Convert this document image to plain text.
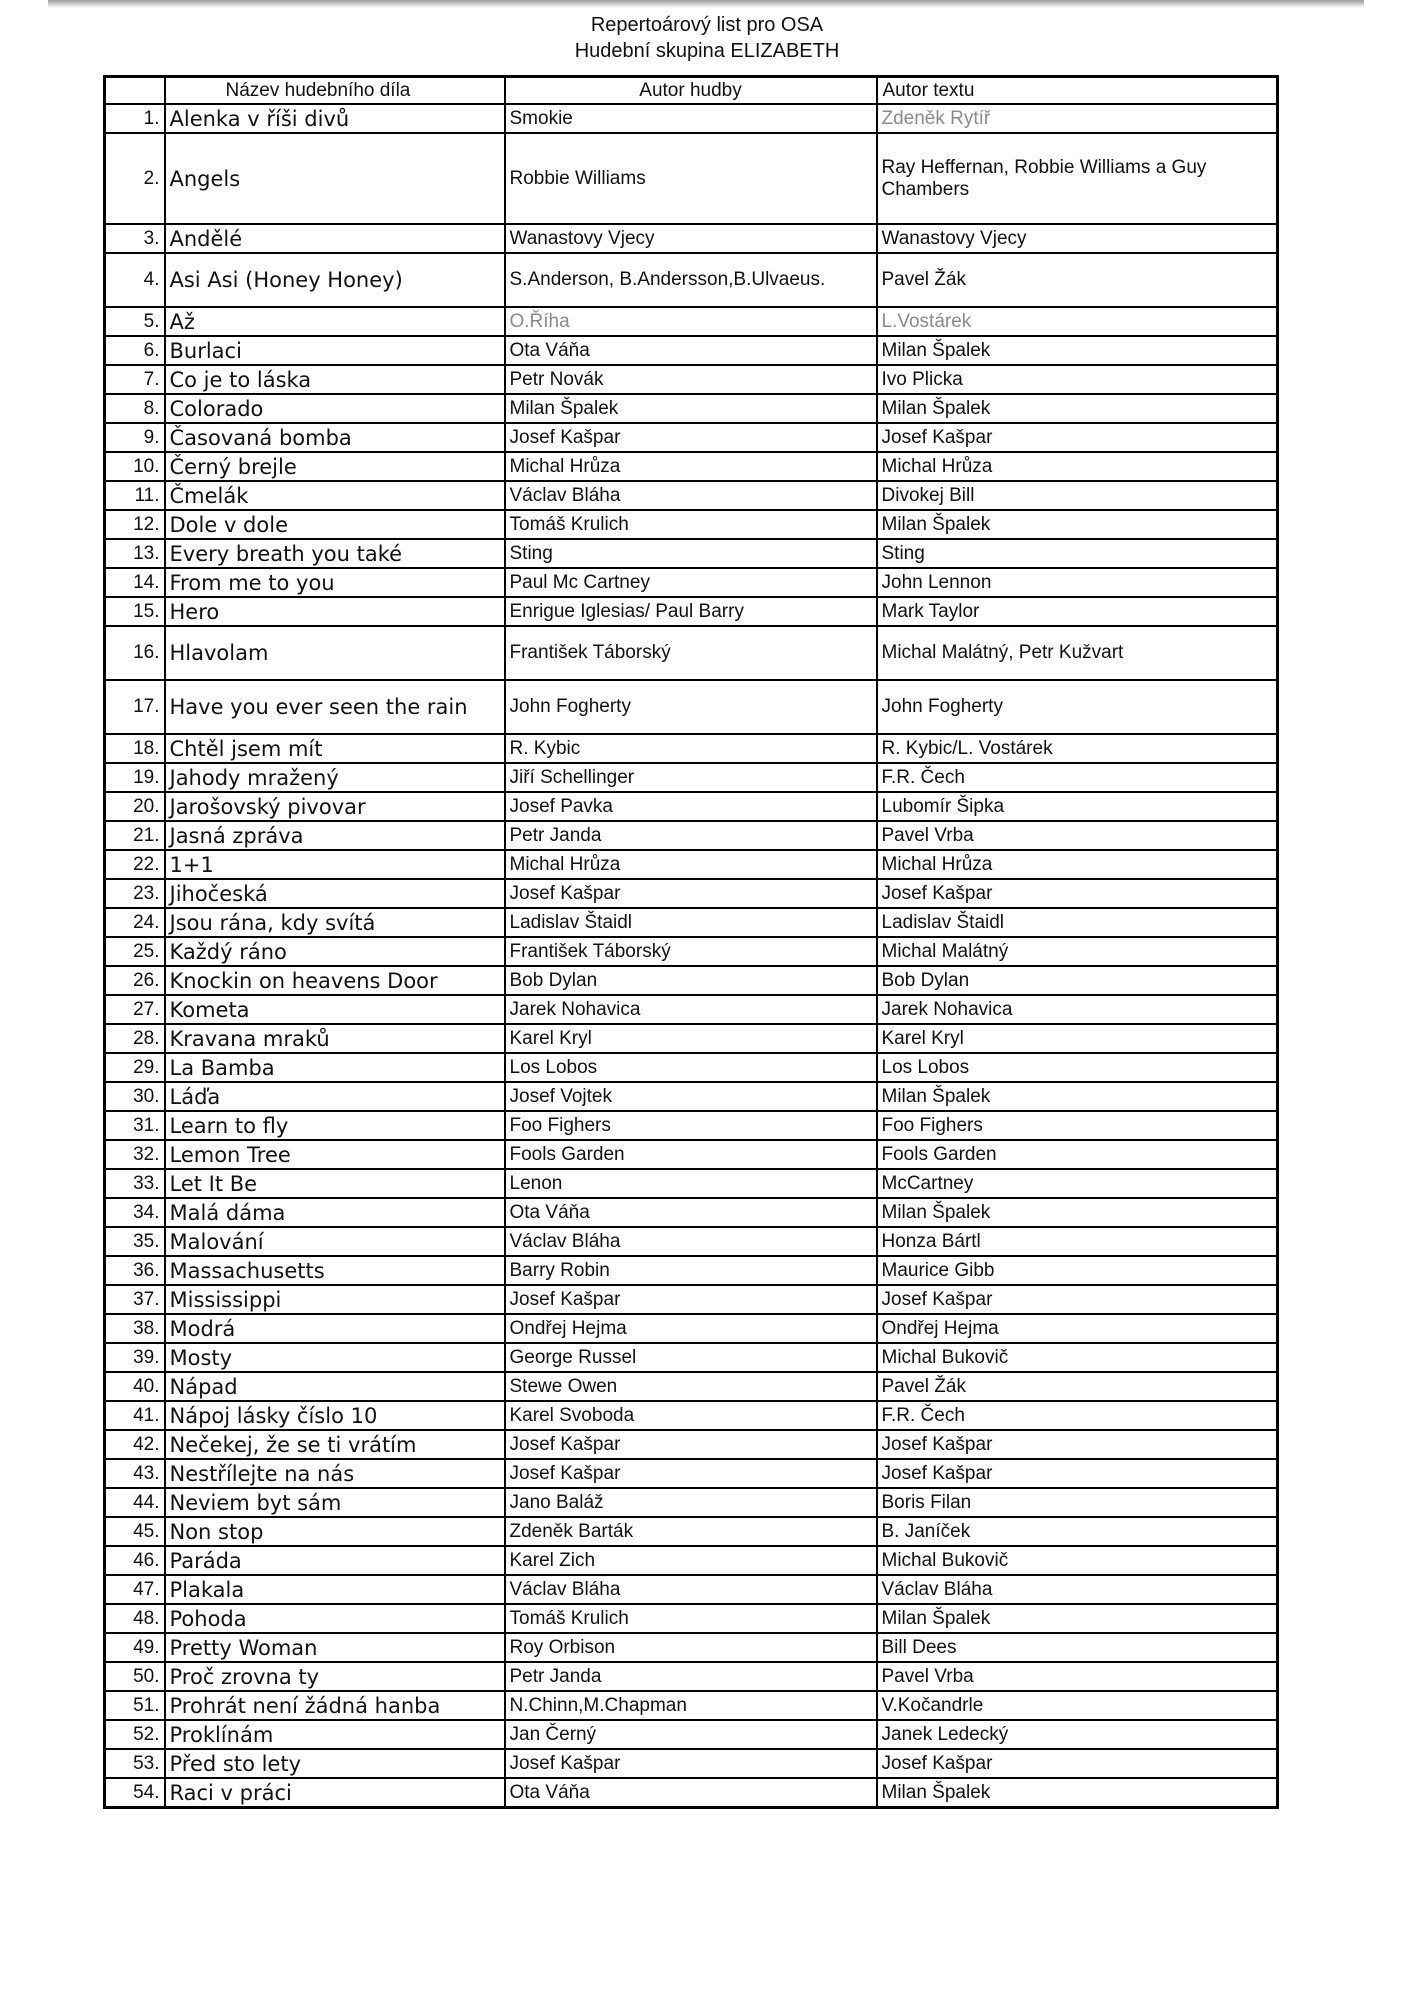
Repertoárový list pro OSA
Hudební skupina ELIZABETH
	Název hudebního díla	Autor hudby	Autor textu
1.	Alenka v říši divů	Smokie	Zdeněk Rytíř
2.	Angels	Robbie Williams	Ray Heffernan, Robbie Williams a Guy Chambers
3.	Andělé	Wanastovy Vjecy	Wanastovy Vjecy
4.	Asi Asi (Honey Honey)	S.Anderson, B.Andersson,B.Ulvaeus.	Pavel Žák
5.	Až	O.Říha	L.Vostárek
6.	Burlaci	Ota Váňa	Milan Špalek
7.	Co je to láska	Petr Novák	Ivo Plicka
8.	Colorado	Milan Špalek	Milan Špalek
9.	Časovaná bomba	Josef Kašpar	Josef Kašpar
10.	Černý brejle	Michal Hrůza	Michal Hrůza
11.	Čmelák	Václav Bláha	Divokej Bill
12.	Dole v dole	Tomáš Krulich	Milan Špalek
13.	Every breath you také	Sting	Sting
14.	From me to you	Paul Mc Cartney	John Lennon
15.	Hero	Enrigue Iglesias/ Paul Barry	Mark Taylor
16.	Hlavolam	František Táborský	Michal Malátný, Petr Kužvart
17.	Have you ever seen the rain	John Fogherty	John Fogherty
18.	Chtěl jsem mít	R. Kybic	R. Kybic/L. Vostárek
19.	Jahody mražený	Jiří Schellinger	F.R. Čech
20.	Jarošovský pivovar	Josef Pavka	Lubomír Šipka
21.	Jasná zpráva	Petr Janda	Pavel Vrba
22.	1+1	Michal Hrůza	Michal Hrůza
23.	Jihočeská	Josef Kašpar	Josef Kašpar
24.	Jsou rána, kdy svítá	Ladislav Štaidl	Ladislav Štaidl
25.	Každý ráno	František Táborský	Michal Malátný
26.	Knockin on heavens Door	Bob Dylan	Bob Dylan
27.	Kometa	Jarek Nohavica	Jarek Nohavica
28.	Kravana mraků	Karel Kryl	Karel Kryl
29.	La Bamba	Los Lobos	Los Lobos
30.	Láďa	Josef Vojtek	Milan Špalek
31.	Learn to fly	Foo Fighers	Foo Fighers
32.	Lemon Tree	Fools Garden	Fools Garden
33.	Let It Be	Lenon	McCartney
34.	Malá dáma	Ota Váňa	Milan Špalek
35.	Malování	Václav Bláha	Honza Bártl
36.	Massachusetts	Barry Robin	Maurice Gibb
37.	Mississippi	Josef Kašpar	Josef Kašpar
38.	Modrá	Ondřej Hejma	Ondřej Hejma
39.	Mosty	George Russel	Michal Bukovič
40.	Nápad	Stewe Owen	Pavel Žák
41.	Nápoj lásky číslo 10	Karel Svoboda	F.R. Čech
42.	Nečekej, že se ti vrátím	Josef Kašpar	Josef Kašpar
43.	Nestřílejte na nás	Josef Kašpar	Josef Kašpar
44.	Neviem byt sám	Jano Baláž	Boris Filan
45.	Non stop	Zdeněk Barták	B. Janíček
46.	Paráda	Karel Zich	Michal Bukovič
47.	Plakala	Václav Bláha	Václav Bláha
48.	Pohoda	Tomáš Krulich	Milan Špalek
49.	Pretty Woman	Roy Orbison	Bill Dees
50.	Proč zrovna ty	Petr Janda	Pavel Vrba
51.	Prohrát není žádná hanba	N.Chinn,M.Chapman	V.Kočandrle
52.	Proklínám	Jan Černý	Janek Ledecký
53.	Před sto lety	Josef Kašpar	Josef Kašpar
54.	Raci v práci	Ota Váňa	Milan Špalek
